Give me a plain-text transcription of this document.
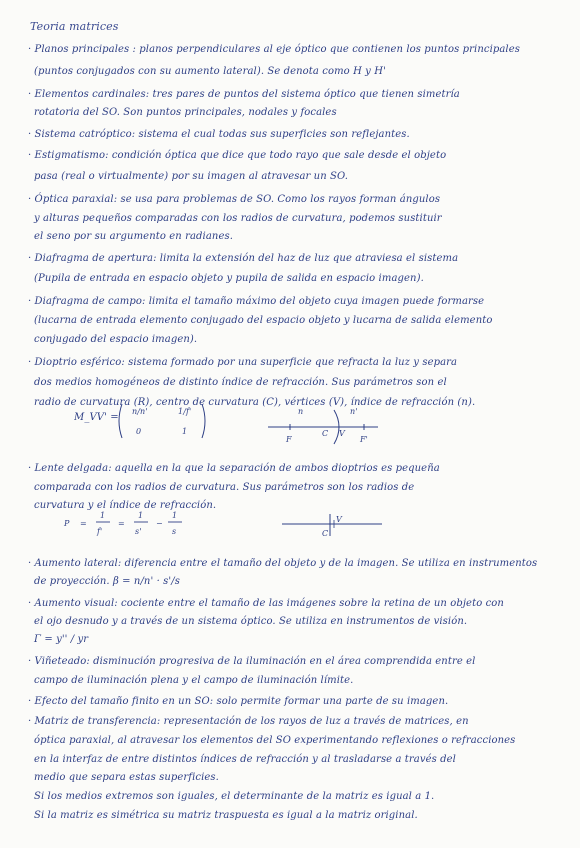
Teoria matrices
· Planos principales : planos perpendiculares al eje óptico que contienen los puntos principales
(puntos conjugados con su aumento lateral). Se denota como H y H'
· Elementos cardinales: tres pares de puntos del sistema óptico que tienen simetría
rotatoria del SO. Son puntos principales, nodales y focales
· Sistema catróptico: sistema el cual todas sus superficies son reflejantes.
· Estigmatismo: condición óptica que dice que todo rayo que sale desde el objeto
pasa (real o virtualmente) por su imagen al atravesar un SO.
· Óptica paraxial: se usa para problemas de SO. Como los rayos forman ángulos
y alturas pequeños comparadas con los radios de curvatura, podemos sustituir
el seno por su argumento en radianes.
· Diafragma de apertura: limita la extensión del haz de luz que atraviesa el sistema
(Pupila de entrada en espacio objeto y pupila de salida en espacio imagen).
· Diafragma de campo: limita el tamaño máximo del objeto cuya imagen puede formarse
(lucarna de entrada elemento conjugado del espacio objeto y lucarna de salida elemento
conjugado del espacio imagen).
· Dioptrio esférico: sistema formado por una superficie que refracta la luz y separa
dos medios homogéneos de distinto índice de refracción. Sus parámetros son el
radio de curvatura (R), centro de curvatura (C), vértices (V), índice de refracción (n).
· Lente delgada: aquella en la que la separación de ambos dioptrios es pequeña
comparada con los radios de curvatura. Sus parámetros son los radios de
curvatura y el índice de refracción.
· Aumento lateral: diferencia entre el tamaño del objeto y de la imagen. Se utiliza en instrumentos
de proyección. β = n/n' · s'/s
· Aumento visual: cociente entre el tamaño de las imágenes sobre la retina de un objeto con
el ojo desnudo y a través de un sistema óptico. Se utiliza en instrumentos de visión.
Γ = y'' / yr
· Viñeteado: disminución progresiva de la iluminación en el área comprendida entre el
campo de iluminación plena y el campo de iluminación límite.
· Efecto del tamaño finito en un SO: solo permite formar una parte de su imagen.
· Matriz de transferencia: representación de los rayos de luz a través de matrices, en
óptica paraxial, al atravesar los elementos del SO experimentando reflexiones o refracciones
en la interfaz de entre distintos índices de refracción y al trasladarse a través del
medio que separa estas superficies.
Si los medios extremos son iguales, el determinante de la matriz es igual a 1.
Si la matriz es simétrica su matriz traspuesta es igual a la matriz original.
M_VV' =
n/n'	1/f'
0	1
n	n'
F
C V
F'
P =
1
f'
=
1
s'
−
1
s	C
V
